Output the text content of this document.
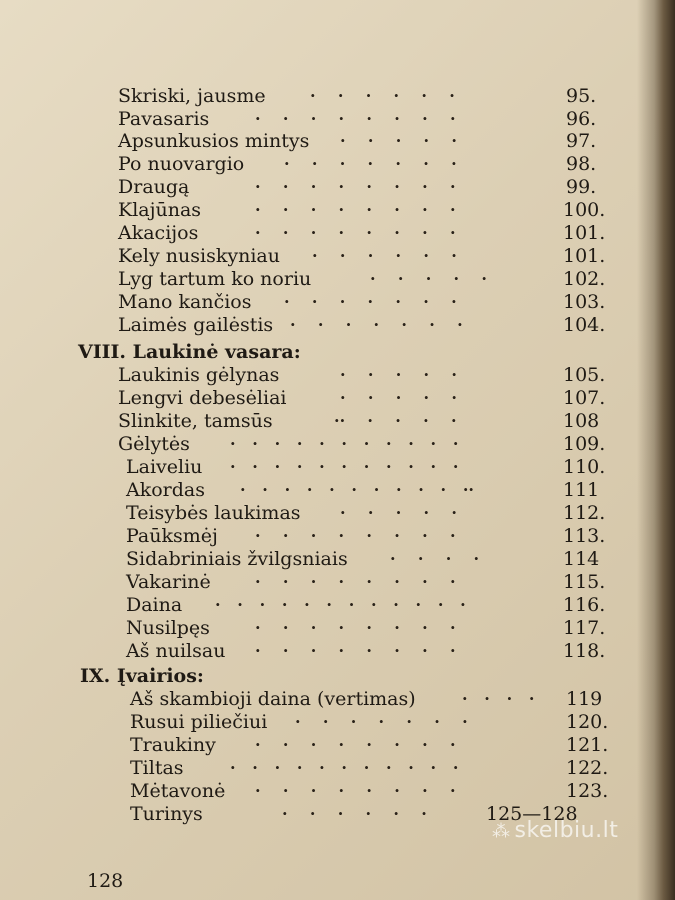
Skriski, jausme	·    ·    ·    ·    ·    ·	95.
Pavasaris	·    ·    ·    ·    ·    ·    ·    ·	96.
Apsunkusios mintys ·    ·    ·    ·    ·	97.
Po nuovargio ·    ·    ·    ·    ·    ·    ·	98.
Draugą	·    ·    ·    ·    ·    ·    ·    ·	99.
Klajūnas	·    ·    ·    ·    ·    ·    ·    ·	100.
Akacijos	·    ·    ·    ·    ·    ·    ·    ·	101.
Kely nusiskyniau ·    ·    ·    ·    ·    ·	101.
Lyg tartum ko noriu	·    ·    ·    ·    ·	102.
Mano kančios ·    ·    ·    ·    ·    ·    ·	103.
Laimės gailėstis ·    ·    ·    ·    ·    ·    ·	104.
VIII. Laukinė vasara:
Laukinis gėlynas	·    ·    ·    ·    ·	105.
Lengvi debesėliai	·    ·    ·    ·    ·	107.
Slinkite, tamsūs	··    ·    ·    ·    ·	108
Gėlytės	·   ·   ·   ·   ·   ·   ·   ·   ·   ·   ·	109.
Laiveliu ·   ·   ·   ·   ·   ·   ·   ·   ·   ·   ·	110.
Akordas ·   ·   ·   ·   ·   ·   ·   ·   ·   ·   ··	111
Teisybės laukimas ·    ·    ·    ·    ·	112.
Paūksmėj ·    ·    ·    ·    ·    ·    ·    ·	113.
Sidabriniais žvilgsniais	·    ·    ·    ·	114
Vakarinė	·    ·    ·    ·    ·    ·    ·    ·	115.
Daina ·   ·   ·   ·   ·   ·   ·   ·   ·   ·   ·   ·	116.
Nusilpęs	·    ·    ·    ·    ·    ·    ·    ·	117.
Aš nuilsau ·    ·    ·    ·    ·    ·    ·    ·	118.
IX. Įvairios:
Aš skambioji daina (vertimas)	·   ·   ·   · 119
Rusui piliečiui ·    ·    ·    ·    ·    ·    ·	120.
Traukiny ·    ·    ·    ·    ·    ·    ·    ·	121.
Tiltas	·   ·   ·   ·   ·   ·   ·   ·   ·   ·   ·	122.
Mėtavonė ·    ·    ·    ·    ·    ·    ·    ·	123.
Turinys	·    ·    ·    ·    ·    ·	125—128
⁂ skelbiu.lt
128
